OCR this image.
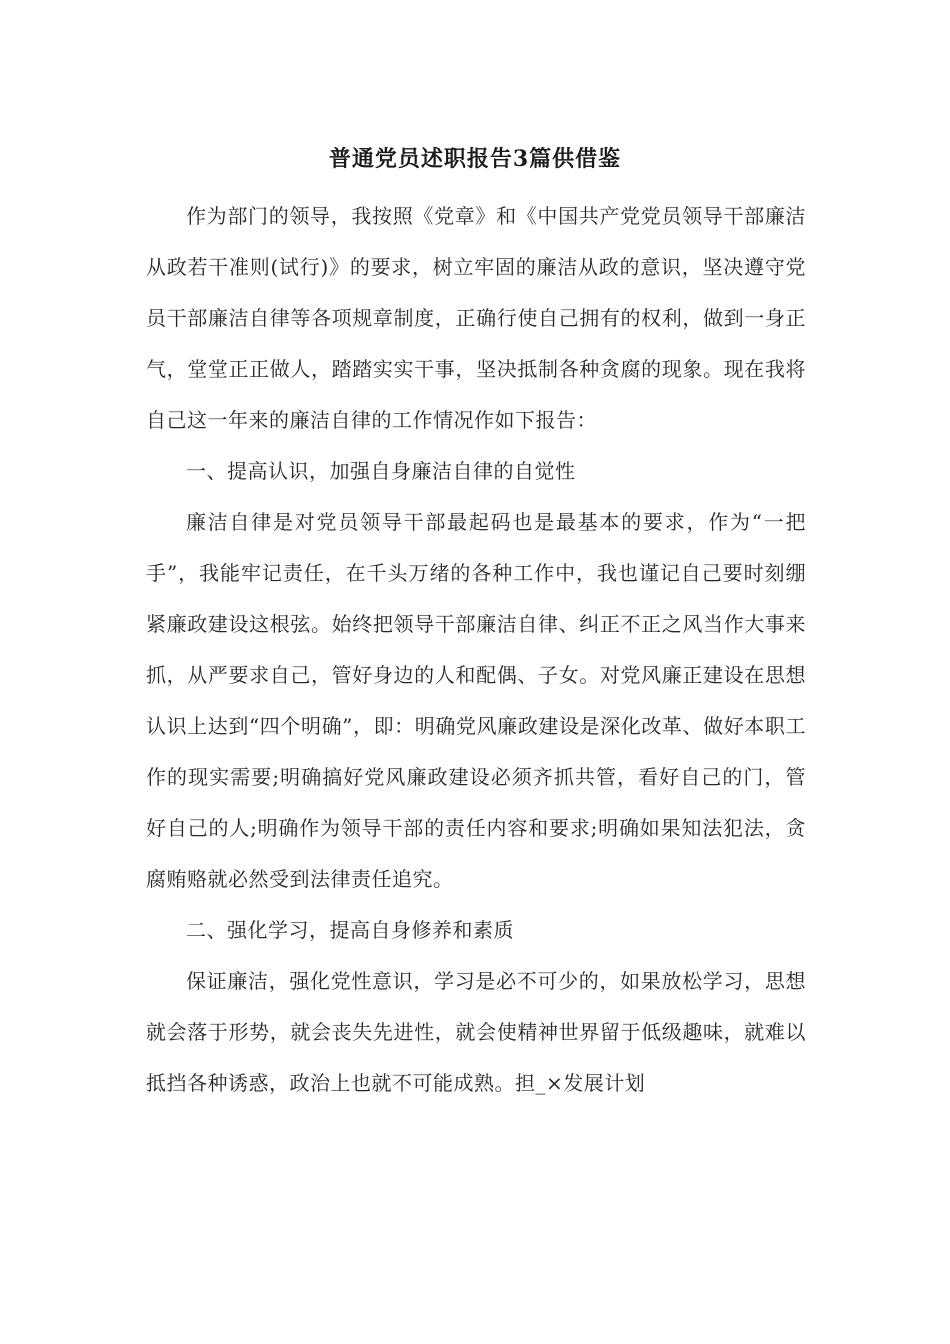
普通党员述职报告3篇供借鉴

作为部门的领导，我按照《党章》和《中国共产党党员领导干部廉洁从政若干准则(试行)》的要求，树立牢固的廉洁从政的意识，坚决遵守党员干部廉洁自律等各项规章制度，正确行使自己拥有的权利，做到一身正气，堂堂正正做人，踏踏实实干事，坚决抵制各种贪腐的现象。现在我将自己这一年来的廉洁自律的工作情况作如下报告：

一、提高认识，加强自身廉洁自律的自觉性

廉洁自律是对党员领导干部最起码也是最基本的要求，作为“一把手”，我能牢记责任，在千头万绪的各种工作中，我也谨记自己要时刻绷紧廉政建设这根弦。始终把领导干部廉洁自律、纠正不正之风当作大事来抓，从严要求自己，管好身边的人和配偶、子女。对党风廉正建设在思想认识上达到“四个明确”，即：明确党风廉政建设是深化改革、做好本职工作的现实需要;明确搞好党风廉政建设必须齐抓共管，看好自己的门，管好自己的人;明确作为领导干部的责任内容和要求;明确如果知法犯法，贪腐贿赂就必然受到法律责任追究。

二、强化学习，提高自身修养和素质

保证廉洁，强化党性意识，学习是必不可少的，如果放松学习，思想就会落于形势，就会丧失先进性，就会使精神世界留于低级趣味，就难以抵挡各种诱惑，政治上也就不可能成熟。担_×发展计划
